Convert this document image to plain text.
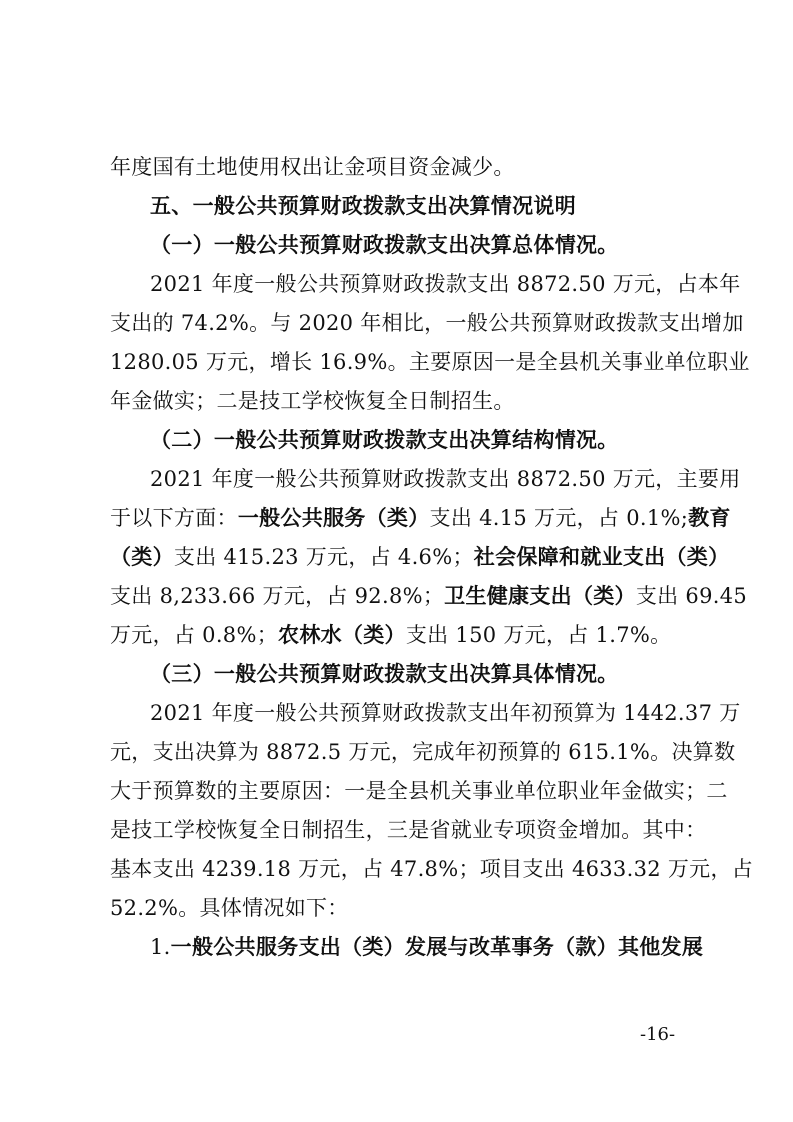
年度国有土地使用权出让金项目资金减少。
五、一般公共预算财政拨款支出决算情况说明
（一）一般公共预算财政拨款支出决算总体情况。
2021 年度一般公共预算财政拨款支出 8872.50 万元，占本年
支出的 74.2%。与 2020 年相比，一般公共预算财政拨款支出增加
1280.05 万元，增长 16.9%。主要原因一是全县机关事业单位职业
年金做实；二是技工学校恢复全日制招生。
（二）一般公共预算财政拨款支出决算结构情况。
2021 年度一般公共预算财政拨款支出 8872.50 万元，主要用
于以下方面：一般公共服务（类）支出 4.15 万元，占 0.1%;教育
（类）支出 415.23 万元，占 4.6%；社会保障和就业支出（类）
支出 8,233.66 万元，占 92.8%；卫生健康支出（类）支出 69.45
万元，占 0.8%；农林水（类）支出 150 万元，占 1.7%。
（三）一般公共预算财政拨款支出决算具体情况。
2021 年度一般公共预算财政拨款支出年初预算为 1442.37 万
元，支出决算为 8872.5 万元，完成年初预算的 615.1%。决算数
大于预算数的主要原因：一是全县机关事业单位职业年金做实；二
是技工学校恢复全日制招生，三是省就业专项资金增加。其中：
基本支出 4239.18 万元，占 47.8%；项目支出 4633.32 万元，占
52.2%。具体情况如下：
1.一般公共服务支出（类）发展与改革事务（款）其他发展
-16-
